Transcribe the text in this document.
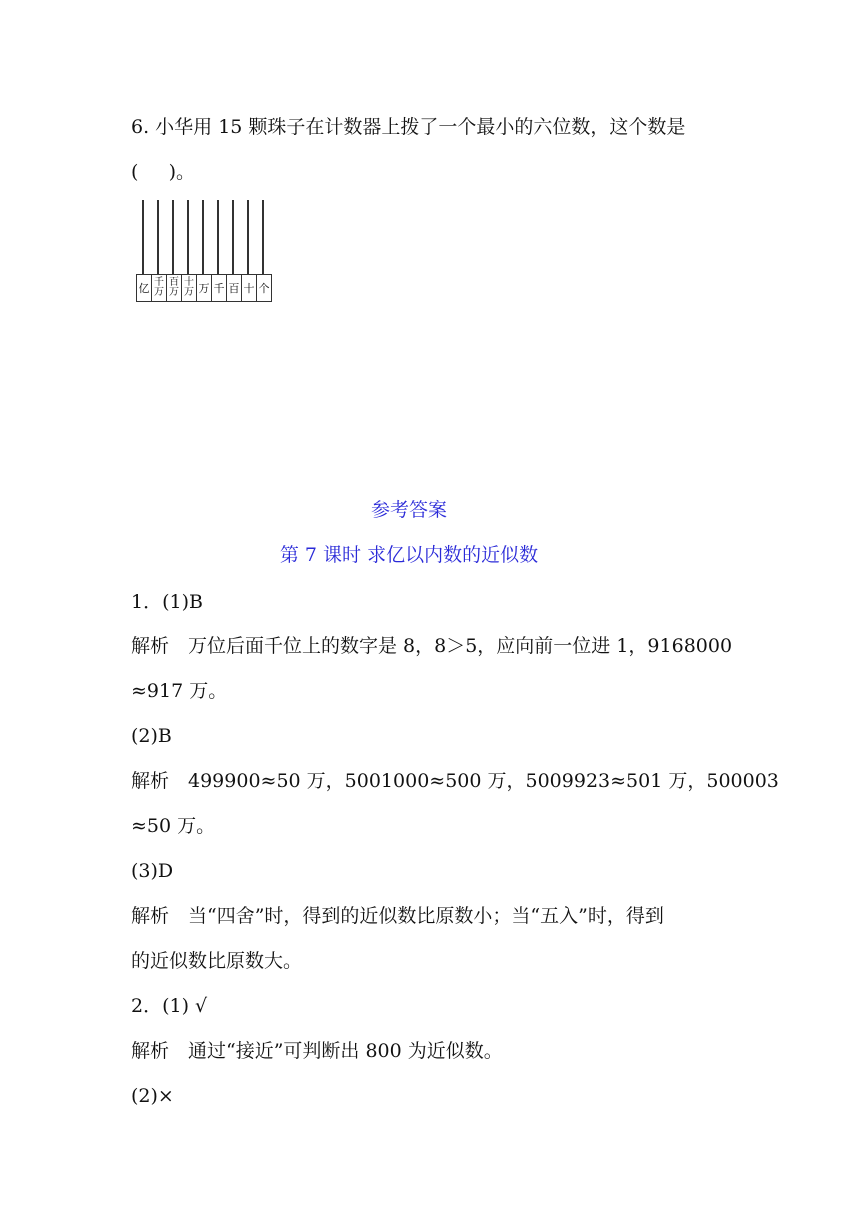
6. 小华用 15 颗珠子在计数器上拨了一个最小的六位数，这个数是

(     )。

亿 千
万
百
万
十
万 万 千 百 十 个

参考答案

第 7 课时 求亿以内数的近似数

1．(1)B

解析　万位后面千位上的数字是 8，8＞5，应向前一位进 1，9168000

≈917 万。

(2)B

解析　499900≈50 万，5001000≈500 万，5009923≈501 万，500003

≈50 万。

(3)D

解析　当“四舍”时，得到的近似数比原数小；当“五入”时，得到

的近似数比原数大。

2．(1) √

解析　通过“接近”可判断出 800 为近似数。

(2)×
